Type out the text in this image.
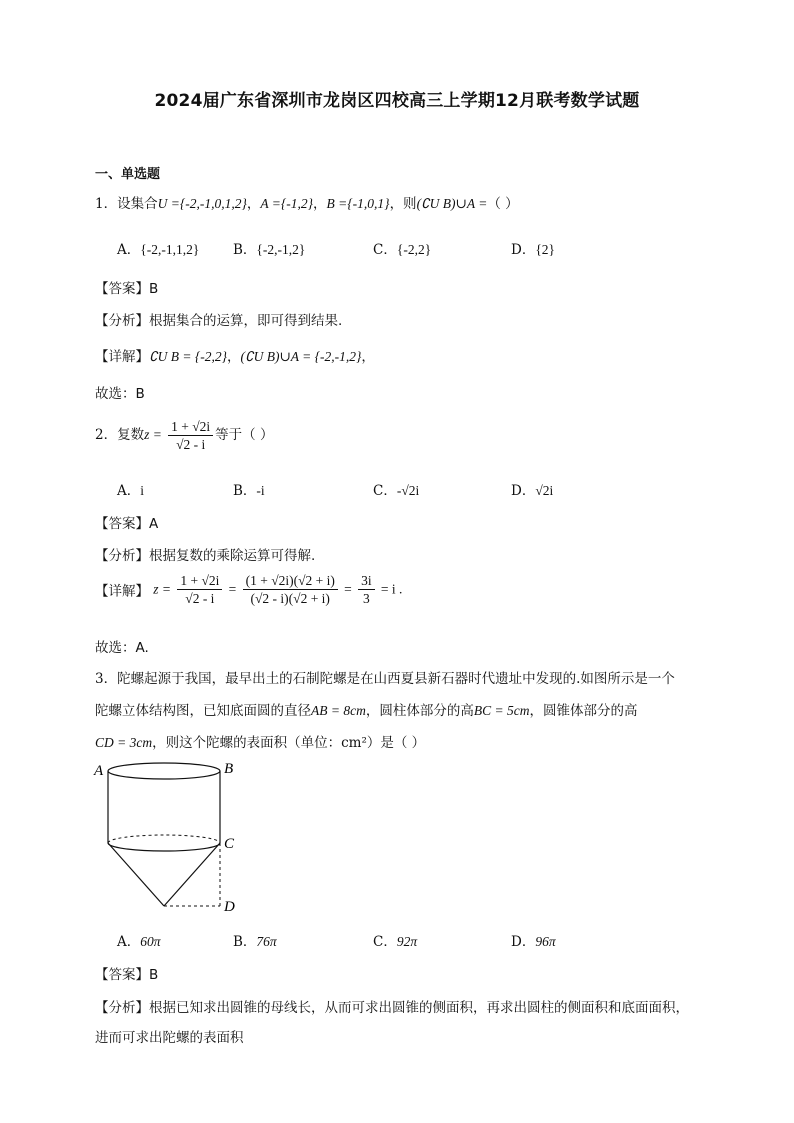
2024届广东省深圳市龙岗区四校高三上学期12月联考数学试题
一、单选题
1．设集合U ={-2,-1,0,1,2}，A ={-1,2}，B ={-1,0,1}，则(∁U B)∪A =（ ）
A．{-2,-1,1,2} B．{-2,-1,2}	C．{-2,2}	D．{2}
【答案】B
【分析】根据集合的运算，即可得到结果.
【详解】∁U B = {-2,2}，(∁U B)∪A = {-2,-1,2}，
故选：B
2．复数$z = \frac{1 + √2i}{√2 - i}$ 等于（ ）
A．i	B．-i	C．-√2i	D．√2i
【答案】A
【分析】根据复数的乘除运算可得解.
【详解】 $z = \frac{1 + √2i}{√2 - i} = \frac{(1 + √2i)(√2 + i)}{(√2 - i)(√2 + i)} = \frac{3i}{3} = i$ .
故选：A.
3．陀螺起源于我国，最早出土的石制陀螺是在山西夏县新石器时代遗址中发现的.如图所示是一个
陀螺立体结构图，已知底面圆的直径AB = 8cm，圆柱体部分的高BC = 5cm，圆锥体部分的高
CD = 3cm，则这个陀螺的表面积（单位：cm²）是（ ）
A	B
C
D
A．60π	B．76π	C．92π	D．96π
【答案】B
【分析】根据已知求出圆锥的母线长，从而可求出圆锥的侧面积，再求出圆柱的侧面积和底面面积，
进而可求出陀螺的表面积
